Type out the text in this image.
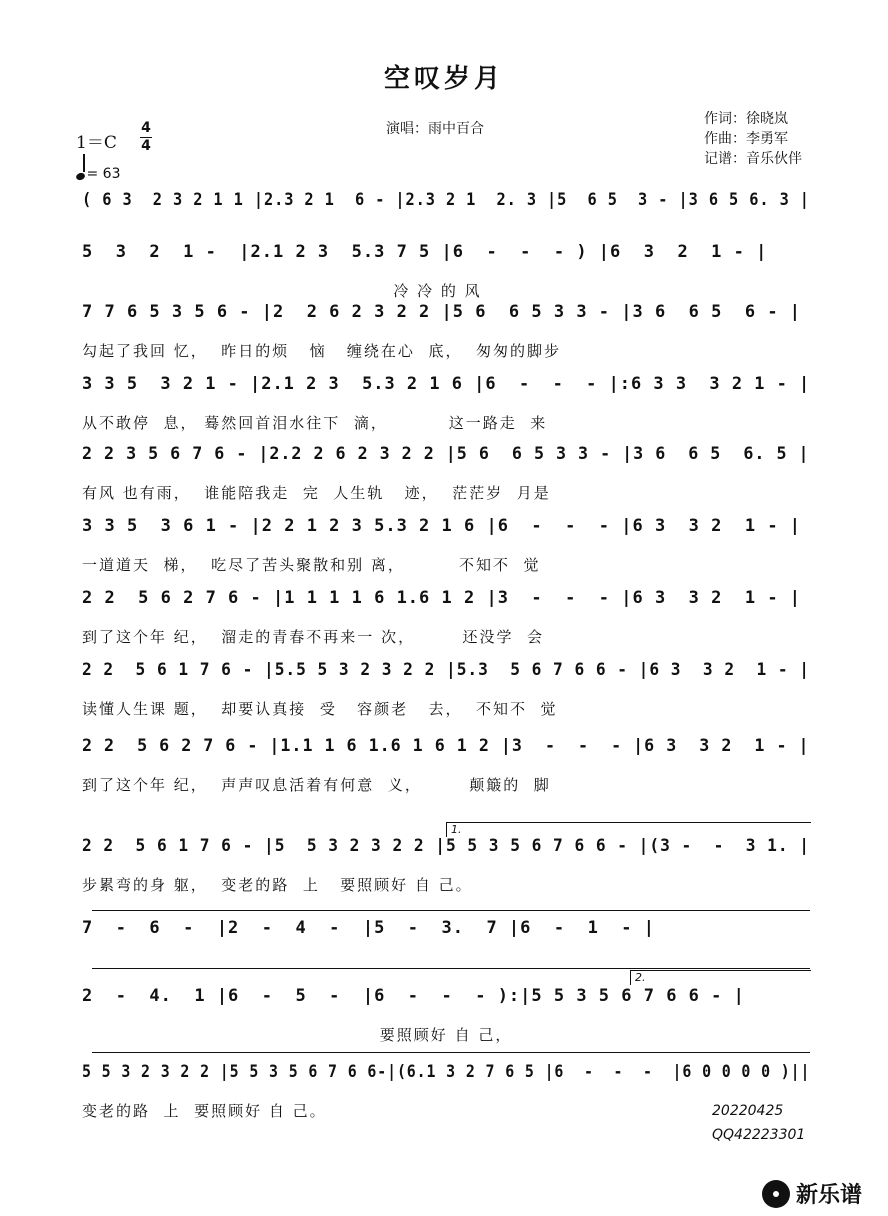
空叹岁月
演唱：雨中百合
作词：徐晓岚
作曲：李勇军
记谱：音乐伙伴
1＝C
4
4
= 63
( 6 3  2 3 2 1 1 |2.3 2 1  6 - |2.3 2 1  2. 3 |5  6 5  3 - |3 6 5 6. 3 |
5  3  2  1 -  |2.1 2 3  5.3 7 5 |6  -  -  - ) |6  3  2  1 - |
冷 冷 的 风
7 7 6 5 3 5 6 - |2  2 6 2 3 2 2 |5 6  6 5 3 3 - |3 6  6 5  6 - |
勾起了我回 忆，  昨日的烦   恼   缠绕在心  底，  匆匆的脚步
3 3 5  3 2 1 - |2.1 2 3  5.3 2 1 6 |6  -  -  - |:6 3 3  3 2 1 - |
从不敢停  息， 蓦然回首泪水往下  滴，         这一路走  来
2 2 3 5 6 7 6 - |2.2 2 6 2 3 2 2 |5 6  6 5 3 3 - |3 6  6 5  6. 5 |
有风 也有雨，  谁能陪我走  完  人生轨   迹，  茫茫岁  月是
3 3 5  3 6 1 - |2 2 1 2 3 5.3 2 1 6 |6  -  -  - |6 3  3 2  1 - |
一道道天  梯，  吃尽了苦头聚散和别 离，        不知不  觉
2 2  5 6 2 7 6 - |1 1 1 1 6 1.6 1 2 |3  -  -  - |6 3  3 2  1 - |
到了这个年 纪，  溜走的青春不再来一 次，       还没学  会
2 2  5 6 1 7 6 - |5.5 5 3 2 3 2 2 |5.3  5 6 7 6 6 - |6 3  3 2  1 - |
读懂人生课 题，  却要认真接  受   容颜老   去，  不知不  觉
2 2  5 6 2 7 6 - |1.1 1 6 1.6 1 6 1 2 |3  -  -  - |6 3  3 2  1 - |
到了这个年 纪，  声声叹息活着有何意  义，       颠簸的  脚
2 2  5 6 1 7 6 - |5  5 3 2 3 2 2 |5 5 3 5 6 7 6 6 - |(3 -  -  3 1. |
步累弯的身 躯，  变老的路  上   要照顾好 自 己。
7  -  6  -  |2  -  4  -  |5  -  3.  7 |6  -  1  - |
2  -  4.  1 |6  -  5  -  |6  -  -  - ):|5 5 3 5 6 7 6 6 - |
要照顾好 自 己，
5 5 3 2 3 2 2 |5 5 3 5 6 7 6 6-|(6.1 3 2 7 6 5 |6  -  -  -  |6 0 0 0 0 )||
变老的路  上  要照顾好 自 己。
1.
2.
20220425
QQ42223301
新乐谱
